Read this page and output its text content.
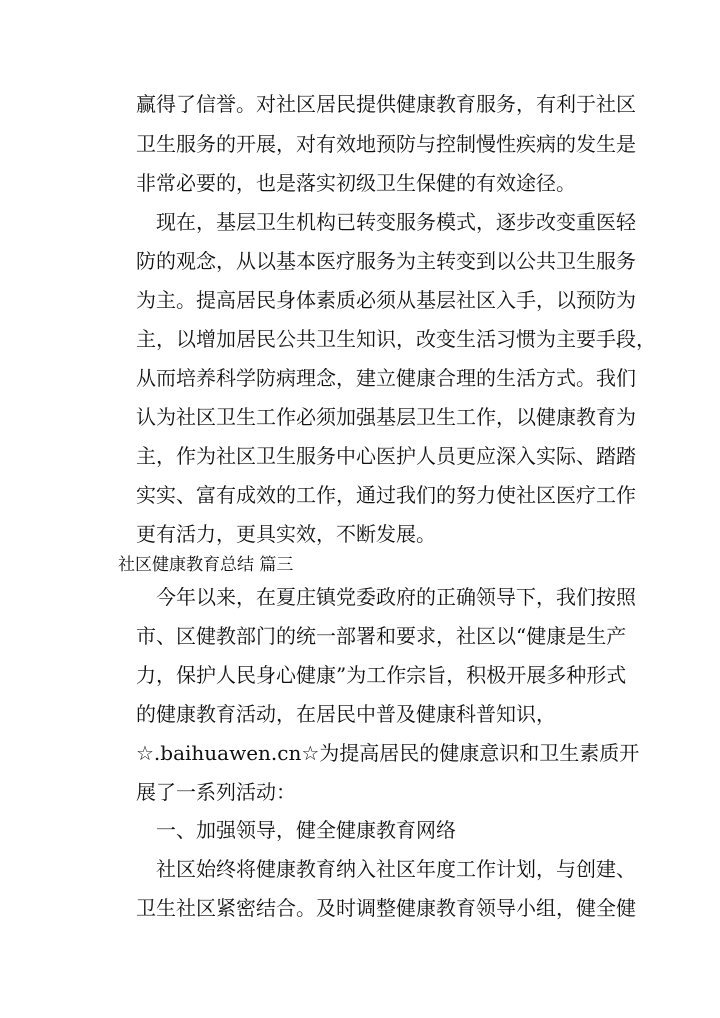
赢得了信誉。对社区居民提供健康教育服务，有利于社区
卫生服务的开展，对有效地预防与控制慢性疾病的发生是
非常必要的，也是落实初级卫生保健的有效途径。
现在，基层卫生机构已转变服务模式，逐步改变重医轻
防的观念，从以基本医疗服务为主转变到以公共卫生服务
为主。提高居民身体素质必须从基层社区入手，以预防为
主，以增加居民公共卫生知识，改变生活习惯为主要手段，
从而培养科学防病理念，建立健康合理的生活方式。我们
认为社区卫生工作必须加强基层卫生工作，以健康教育为
主，作为社区卫生服务中心医护人员更应深入实际、踏踏
实实、富有成效的工作，通过我们的努力使社区医疗工作
更有活力，更具实效，不断发展。
社区健康教育总结 篇三
今年以来，在夏庄镇党委政府的正确领导下，我们按照
市、区健教部门的统一部署和要求，社区以“健康是生产
力，保护人民身心健康”为工作宗旨，积极开展多种形式
的健康教育活动，在居民中普及健康科普知识，
☆.baihuawen.cn☆为提高居民的健康意识和卫生素质开
展了一系列活动：
一、加强领导，健全健康教育网络
社区始终将健康教育纳入社区年度工作计划，与创建、
卫生社区紧密结合。及时调整健康教育领导小组，健全健
